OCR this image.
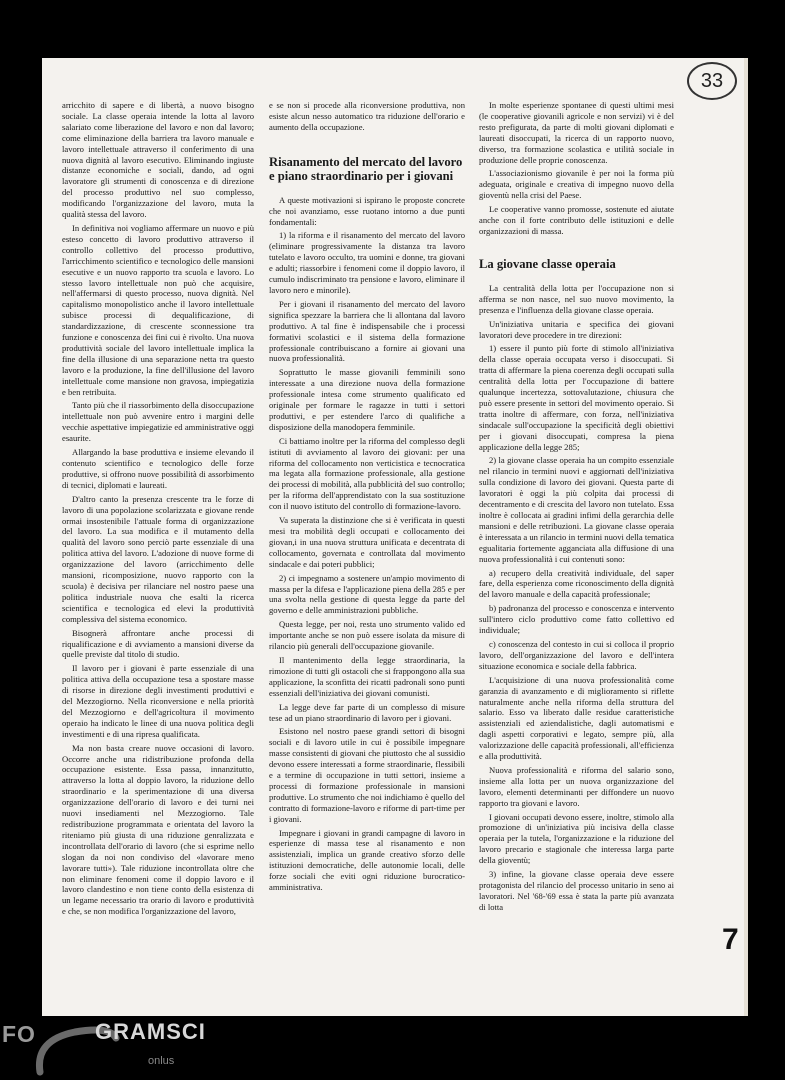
33

arricchito di sapere e di libertà, a nuovo bisogno sociale. La classe operaia intende la lotta al lavoro salariato come liberazione del lavoro e non dal lavoro; come eliminazione della barriera tra lavoro manuale e lavoro intellettuale attraverso il conferimento di una nuova dignità al lavoro esecutivo. Eliminando ingiuste distanze economiche e sociali, dando, ad ogni lavoratore gli strumenti di conoscenza e di direzione del processo produttivo nel suo complesso, modificando l'organizzazione del lavoro, muta la qualità stessa del lavoro.

In definitiva noi vogliamo affermare un nuovo e più esteso concetto di lavoro produttivo attraverso il controllo collettivo del processo produttivo, l'arricchimento scientifico e tecnologico delle mansioni esecutive e un nuovo rapporto tra scuola e lavoro. Lo stesso lavoro intellettuale non può che acquisire, nell'affermarsi di questo processo, nuova dignità. Nel capitalismo monopolistico anche il lavoro intellettuale subisce processi di dequalificazione, di standardizzazione, di crescente sconnessione tra funzione e conoscenza dei fini cui è rivolto. Una nuova produttività sociale del lavoro intellettuale implica la fine della illusione di una separazione netta tra questo lavoro e la produzione, la fine dell'illusione del lavoro intellettuale come mansione non gravosa, impiegatizia e ben retribuita.

Tanto più che il riassorbimento della disoccupazione intellettuale non può avvenire entro i margini delle vecchie aspettative impiegatizie ed amministrative oggi esaurite.

Allargando la base produttiva e insieme elevando il contenuto scientifico e tecnologico delle forze produttive, si offrono nuove possibilità di assorbimento di tecnici, diplomati e laureati.

D'altro canto la presenza crescente tra le forze di lavoro di una popolazione scolarizzata e giovane rende ormai insostenibile l'attuale forma di organizzazione del lavoro. La sua modifica e il mutamento della qualità del lavoro sono perciò parte essenziale di una politica attiva del lavoro. L'adozione di nuove forme di organizzazione del lavoro (arricchimento delle mansioni, ricomposizione, nuovo rapporto con la scuola) è decisiva per rilanciare nel nostro paese una politica industriale nuova che esalti la ricerca scientifica e tecnologica ed elevi la produttività complessiva del sistema economico.

Bisognerà affrontare anche processi di riqualificazione e di avviamento a mansioni diverse da quelle previste dal titolo di studio.

Il lavoro per i giovani è parte essenziale di una politica attiva della occupazione tesa a spostare masse di risorse in direzione degli investimenti produttivi e del Mezzogiorno. Nella riconversione e nella priorità del Mezzogiorno e dell'agricoltura il movimento operaio ha indicato le linee di una nuova politica degli investimenti e di una ripresa qualificata.

Ma non basta creare nuove occasioni di lavoro. Occorre anche una ridistribuzione profonda della occupazione esistente. Essa passa, innanzitutto, attraverso la lotta al doppio lavoro, la riduzione dello straordinario e la sperimentazione di una diversa organizzazione dell'orario di lavoro e dei turni nei nuovi insediamenti nel Mezzogiorno. Tale redistribuzione programmata e orientata del lavoro la riteniamo più giusta di una riduzione genralizzata e incontrollata dell'orario di lavoro (che si esprime nello slogan da noi non condiviso del «lavorare meno lavorare tutti»). Tale riduzione incontrollata oltre che non eliminare fenomeni come il doppio lavoro e il lavoro clandestino e non tiene conto della esistenza di un legame necessario tra orario di lavoro e produttività e che, se non modifica l'organizzazione del lavoro,

e se non si procede alla riconversione produttiva, non esiste alcun nesso automatico tra riduzione dell'orario e aumento della occupazione.

Risanamento del mercato del lavoro e piano straordinario per i giovani

A queste motivazioni si ispirano le proposte concrete che noi avanziamo, esse ruotano intorno a due punti fondamentali:

1) la riforma e il risanamento del mercato del lavoro (eliminare progressivamente la distanza tra lavoro tutelato e lavoro occulto, tra uomini e donne, tra giovani e adulti; riassorbire i fenomeni come il doppio lavoro, il cumulo indiscriminato tra pensione e lavoro, eliminare il lavoro nero e minorile).

Per i giovani il risanamento del mercato del lavoro significa spezzare la barriera che li allontana dal lavoro produttivo. A tal fine è indispensabile che i processi formativi scolastici e il sistema della formazione professionale contribuiscano a fornire ai giovani una nuova professionalità.

Soprattutto le masse giovanili femminili sono interessate a una direzione nuova della formazione professionale intesa come strumento qualificato ed originale per formare le ragazze in tutti i settori produttivi, e per estendere l'arco di qualifiche a disposizione della manodopera femminile.

Ci battiamo inoltre per la riforma del complesso degli istituti di avviamento al lavoro dei giovani: per una riforma del collocamento non verticistica e tecnocratica ma legata alla formazione professionale, alla gestione dei processi di mobilità, alla pubblicità del suo controllo; per la riforma dell'apprendistato con la sua sostituzione con il nuovo istituto del controllo di formazione-lavoro.

Va superata la distinzione che si è verificata in questi mesi tra mobilità degli occupati e collocamento dei giovan,i in una nuova struttura unificata e decentrata di collocamento, governata e controllata dal movimento sindacale e dai poteri pubblici;

2) ci impegnamo a sostenere un'ampio movimento di massa per la difesa e l'applicazione piena della 285 e per una svolta nella gestione di questa legge da parte del governo e delle amministrazioni pubbliche.

Questa legge, per noi, resta uno strumento valido ed importante anche se non può essere isolata da misure di rilancio più generali dell'occupazione giovanile.

Il mantenimento della legge straordinaria, la rimozione di tutti gli ostacoli che si frappongono alla sua applicazione, la sconfitta dei ricatti padronali sono punti essenziali dell'iniziativa dei giovani comunisti.

La legge deve far parte di un complesso di misure tese ad un piano straordinario di lavoro per i giovani.

Esistono nel nostro paese grandi settori di bisogni sociali e di lavoro utile in cui è possibile impegnare masse consistenti di giovani che piuttosto che al sussidio devono essere interessati a forme straordinarie, flessibili e a termine di occupazione in tutti settori, insieme a processi di formazione professionale in mansioni produttive. Lo strumento che noi indichiamo è quello del contratto di formazione-lavoro e riforme di part-time per i giovani.

Impegnare i giovani in grandi campagne di lavoro in esperienze di massa tese al risanamento e non assistenziali, implica un grande creativo sforzo delle istituzioni democratiche, delle autonomie locali, delle forze sociali che eviti ogni riduzione burocratico-amministrativa.

In molte esperienze spontanee di questi ultimi mesi (le cooperative giovanili agricole e non servizi) vi è del resto prefigurata, da parte di molti giovani diplomati e laureati disoccupati, la ricerca di un rapporto nuovo, diverso, tra formazione scolastica e utilità sociale in produzione delle proprie conoscenza.

L'associazionismo giovanile è per noi la forma più adeguata, originale e creativa di impegno nuovo della gioventù nella crisi del Paese.

Le cooperative vanno promosse, sostenute ed aiutate anche con il forte contributo delle istituzioni e delle organizzazioni di massa.

La giovane classe operaia

La centralità della lotta per l'occupazione non si afferma se non nasce, nel suo nuovo movimento, la presenza e l'influenza della giovane classe operaia.

Un'iniziativa unitaria e specifica dei giovani lavoratori deve procedere in tre direzioni:

1) essere il punto più forte di stimolo all'iniziativa della classe operaia occupata verso i disoccupati. Si tratta di affermare la piena coerenza degli occupati sulla centralità della lotta per l'occupazione di battere qualunque incertezza, sottovalutazione, chiusura che può essere presente in settori del movimento operaio. Si tratta inoltre di affermare, con forza, nell'iniziativa sindacale sull'occupazione la specificità degli obiettivi per i giovani disoccupati, compresa la piena applicazione della legge 285;

2) la giovane classe operaia ha un compito essenziale nel rilancio in termini nuovi e aggiornati dell'iniziativa sulla condizione di lavoro dei giovani. Questa parte di lavoratori è oggi la più colpita dai processi di decentramento e di crescita del lavoro non tutelato. Essa inoltre è collocata ai gradini infimi della gerarchia delle mansioni e delle retribuzioni. La giovane classe operaia è interessata a un rilancio in termini nuovi della tematica egualitaria fortemente agganciata alla diffusione di una nuova professionalità i cui contenuti sono:

a) recupero della creatività individuale, del saper fare, della esperienza come riconoscimento della dignità del lavoro manuale e della capacità professionale;

b) padronanza del processo e conoscenza e intervento sull'intero ciclo produttivo come fatto collettivo ed individuale;

c) conoscenza del contesto in cui si colloca il proprio lavoro, dell'organizzazione del lavoro e dell'intera situazione economica e sociale della fabbrica.

L'acquisizione di una nuova professionalità come garanzia di avanzamento e di miglioramento si riflette naturalmente anche nella riforma della struttura del salario. Esso va liberato dalle residue caratteristiche assistenziali ed aziendalistiche, dagli automatismi e dagli aspetti corporativi e legato, sempre più, alla valorizzazione delle capacità professionali, all'efficienza e alla produttività.

Nuova professionalità e riforma del salario sono, insieme alla lotta per un nuova organizzazione del lavoro, elementi determinanti per diffondere un nuovo rapporto tra giovani e lavoro.

I giovani occupati devono essere, inoltre, stimolo alla promozione di un'iniziativa più incisiva della classe operaia per la tutela, l'organizzazione e la riduzione del lavoro precario e stagionale che interessa larga parte della gioventù;

3) infine, la giovane classe operaia deve essere protagonista del rilancio del processo unitario in seno ai lavoratori. Nel '68-'69 essa è stata la parte più avanzata di lotta

7
FO	GRAMSCI
onlus
